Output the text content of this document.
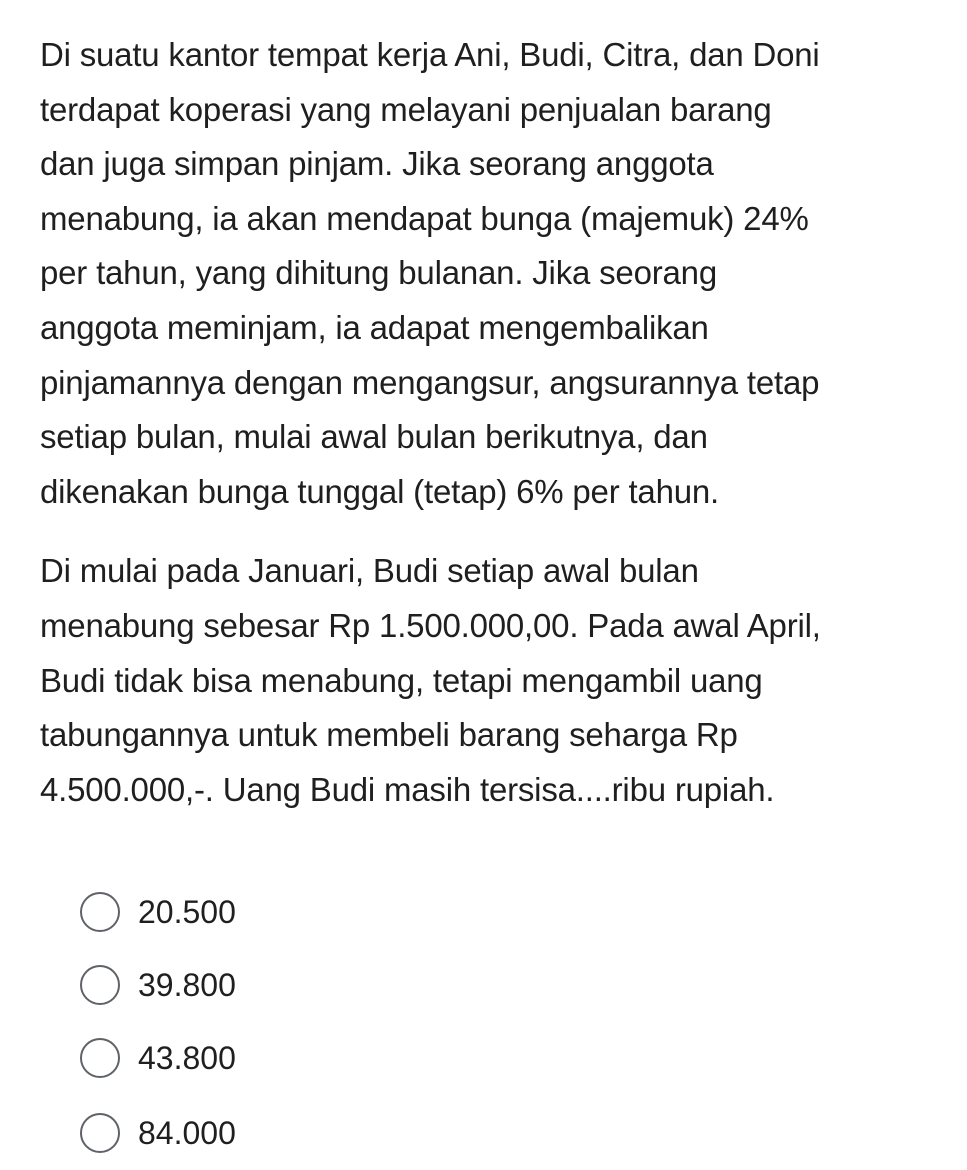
Di suatu kantor tempat kerja Ani, Budi, Citra, dan Doni
terdapat koperasi yang melayani penjualan barang
dan juga simpan pinjam. Jika seorang anggota
menabung, ia akan mendapat bunga (majemuk) 24%
per tahun, yang dihitung bulanan. Jika seorang
anggota meminjam, ia adapat mengembalikan
pinjamannya dengan mengangsur, angsurannya tetap
setiap bulan, mulai awal bulan berikutnya, dan
dikenakan bunga tunggal (tetap) 6% per tahun.

Di mulai pada Januari, Budi setiap awal bulan
menabung sebesar Rp 1.500.000,00. Pada awal April,
Budi tidak bisa menabung, tetapi mengambil uang
tabungannya untuk membeli barang seharga Rp
4.500.000,-. Uang Budi masih tersisa....ribu rupiah.

20.500
39.800
43.800
84.000
